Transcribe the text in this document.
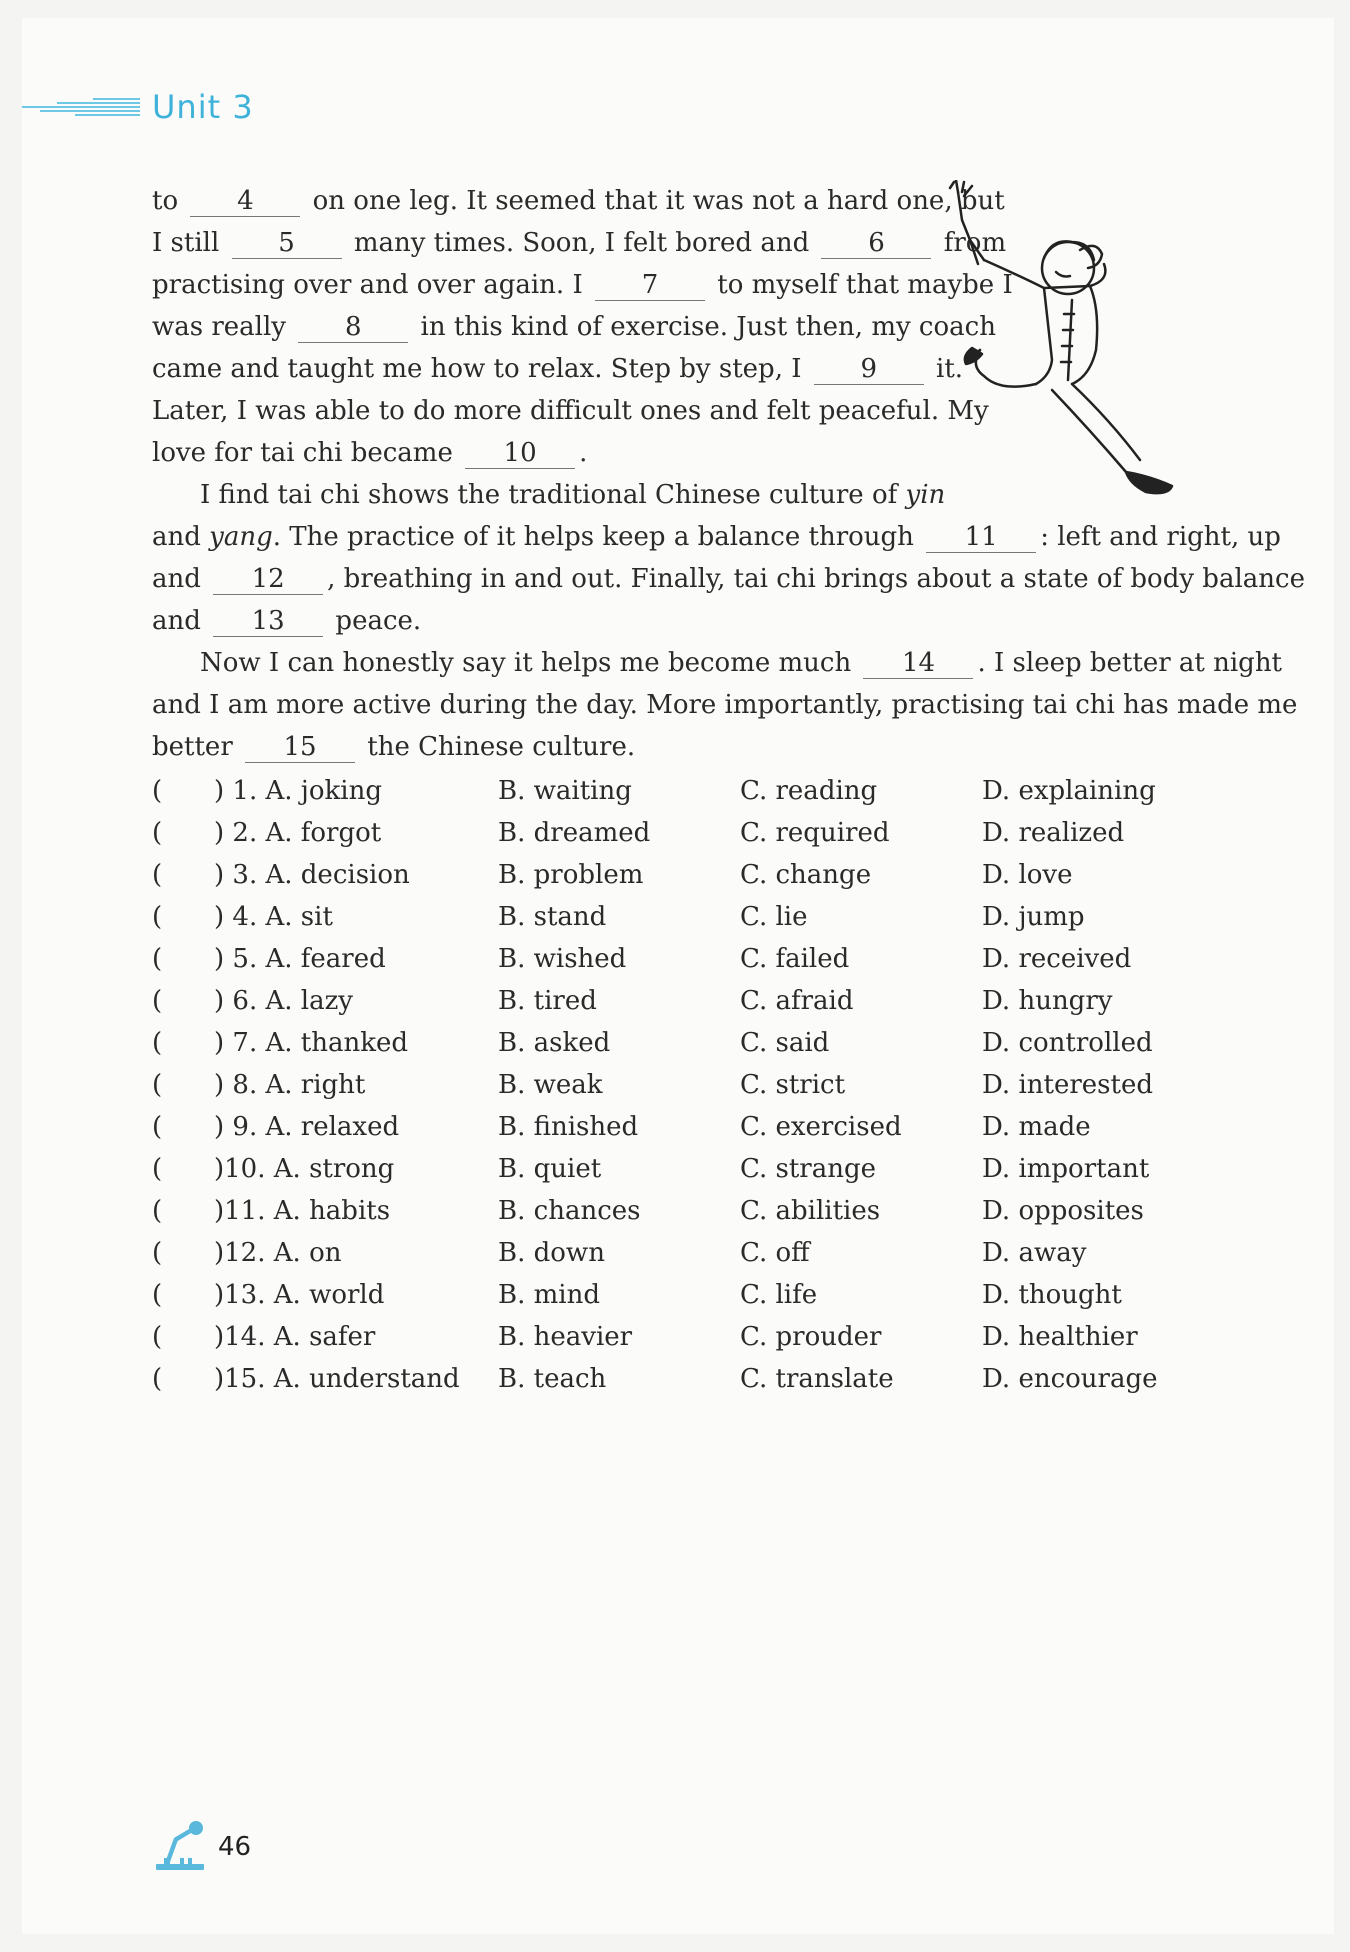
Unit 3
to 4 on one leg. It seemed that it was not a hard one, but
I still 5 many times. Soon, I felt bored and 6 from
practising over and over again. I 7 to myself that maybe I
was really 8 in this kind of exercise. Just then, my coach
came and taught me how to relax. Step by step, I 9 it.
Later, I was able to do more difficult ones and felt peaceful. My
love for tai chi became 10 .
I find tai chi shows the traditional Chinese culture of yin
and yang. The practice of it helps keep a balance through 11 : left and right, up
and 12 , breathing in and out. Finally, tai chi brings about a state of body balance
and 13 peace.
Now I can honestly say it helps me become much 14 . I sleep better at night
and I am more active during the day. More importantly, practising tai chi has made me
better 15 the Chinese culture.
( ) 1. A. joking	B. waiting	C. reading	D. explaining
( ) 2. A. forgot	B. dreamed	C. required	D. realized
( ) 3. A. decision	B. problem	C. change	D. love
( ) 4. A. sit	B. stand	C. lie	D. jump
( ) 5. A. feared	B. wished	C. failed	D. received
( ) 6. A. lazy	B. tired	C. afraid	D. hungry
( ) 7. A. thanked	B. asked	C. said	D. controlled
( ) 8. A. right	B. weak	C. strict	D. interested
( ) 9. A. relaxed	B. finished	C. exercised	D. made
( )10. A. strong	B. quiet	C. strange	D. important
( )11. A. habits	B. chances	C. abilities	D. opposites
( )12. A. on	B. down	C. off	D. away
( )13. A. world	B. mind	C. life	D. thought
( )14. A. safer	B. heavier	C. prouder	D. healthier
( )15. A. understand B. teach	C. translate	D. encourage
46
